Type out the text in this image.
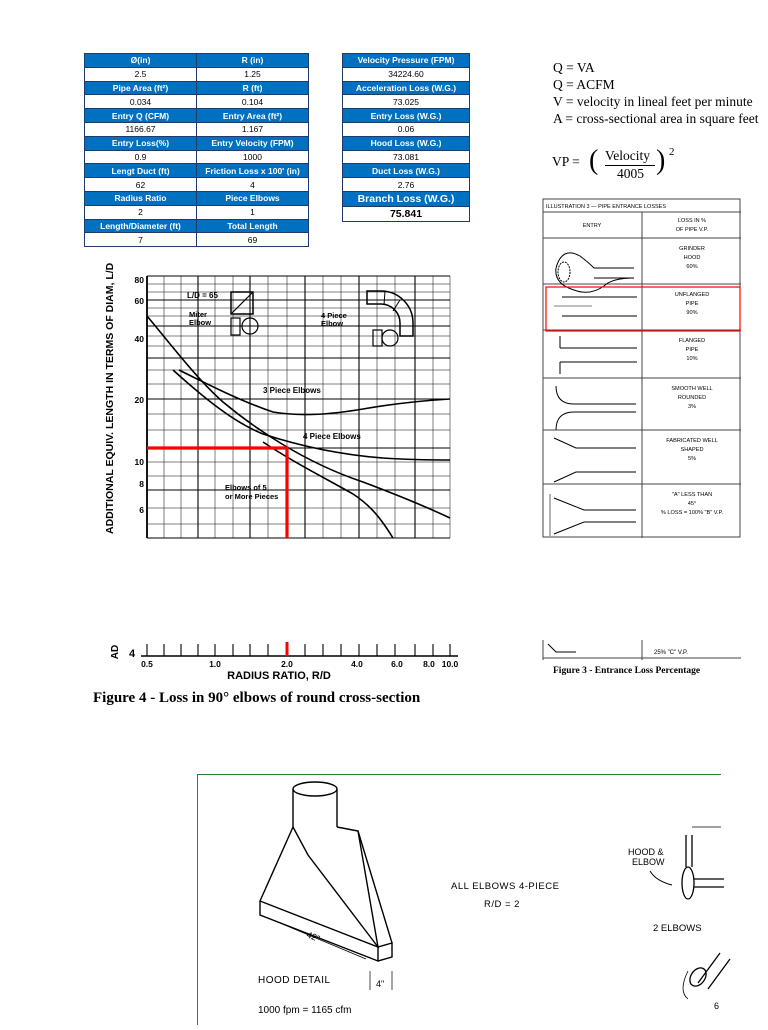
Ø(in)	R (in)
2.5	1.25
Pipe Area (ft²)	R (ft)
0.034	0.104
Entry Q (CFM)	Entry Area (ft²)
1166.67	1.167
Entry Loss(%)	Entry Velocity (FPM)
0.9	1000
Lengt Duct (ft)	Friction Loss x 100' (in)
62	4
Radius Ratio	Piece Elbows
2	1
Length/Diameter (ft)	Total Length
7	69
Velocity Pressure (FPM)
34224.60
Acceleration Loss (W.G.)
73.025
Entry Loss (W.G.)
0.06
Hood Loss (W.G.)
73.081
Duct Loss (W.G.)
2.76
Branch Loss (W.G.)
75.841
Q = VA
Q = ACFM
V = velocity in lineal feet per minute
A = cross-sectional area in square feet
VP = ( Velocity
4005 ) 2
ADDITIONAL EQUIV. LENGTH IN TERMS OF DIAM, L/D 80
60
40
20
10
8
6
L/D = 65
Miter Elbow
4 Piece Elbow
3 Piece Elbows
4 Piece Elbows
Elbows of 5 or More Pieces
AD 4
0.5	1.0	2.0	4.0	6.0 8.0 10.0
RADIUS RATIO, R/D
Figure 4 - Loss in 90° elbows of round cross-section
ILLUSTRATION 3 — PIPE ENTRANCE LOSSES
ENTRY
LOSS IN % OF PIPE V.P.
GRINDER HOOD
60%
UNFLANGED PIPE
90%
FLANGED PIPE
10%
SMOOTH WELL ROUNDED
3%
FABRICATED WELL SHAPED
5%
"A" LESS THAN 45°
% LOSS = 100% "B" V.P.
25% "C" V.P.
Figure 3 - Entrance Loss Percentage
42"
4"
HOOD DETAIL
1000 fpm = 1165 cfm
ALL ELBOWS 4-PIECE
R/D = 2
HOOD & ELBOW
2 ELBOWS
6
